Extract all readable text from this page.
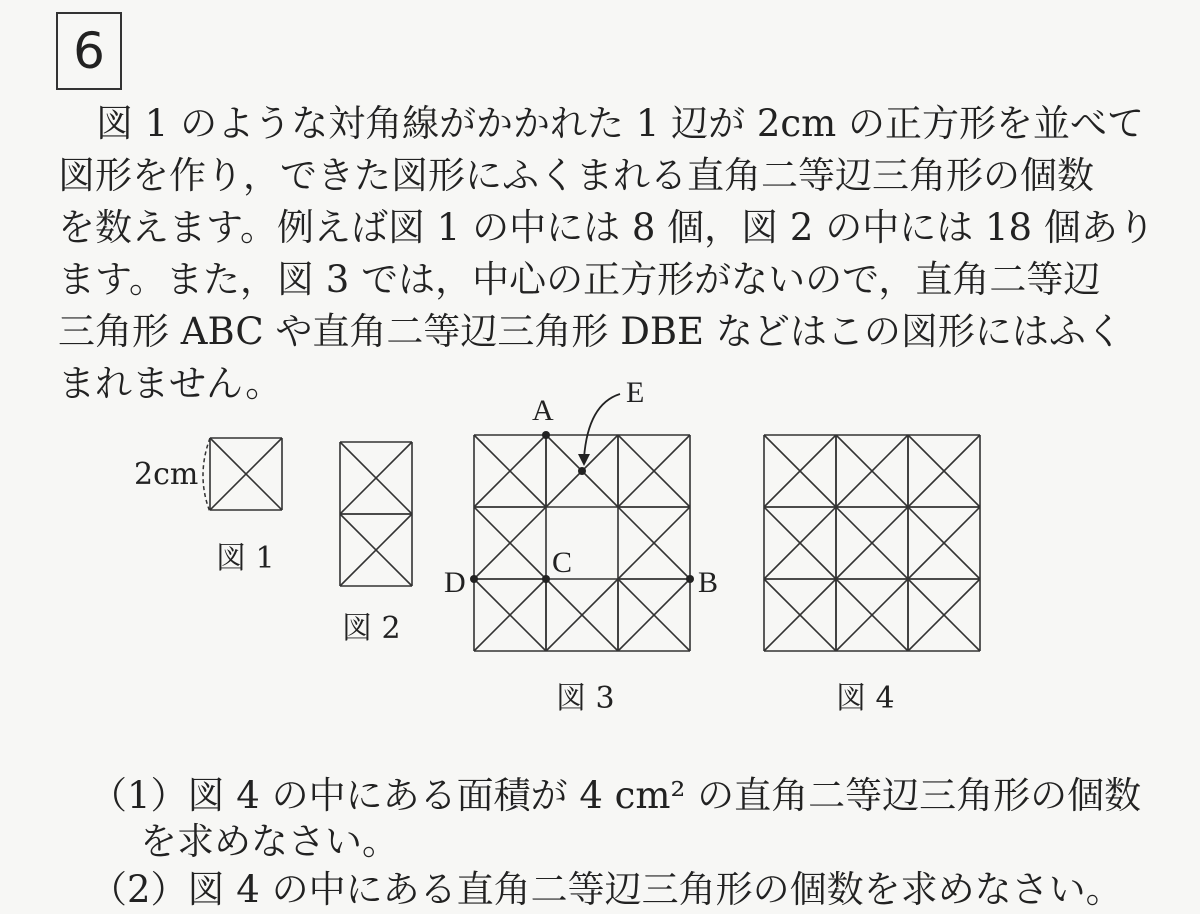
6
図 1 のような対角線がかかれた 1 辺が 2cm の正方形を並べて
図形を作り，できた図形にふくまれる直角二等辺三角形の個数
を数えます。例えば図 1 の中には 8 個，図 2 の中には 18 個あり
ます。また，図 3 では，中心の正方形がないので，直角二等辺
三角形 ABC や直角二等辺三角形 DBE などはこの図形にはふく
まれません。
2cm
図 1
図 2
図 3	図 4
A
E
C
D	B
（1）図 4 の中にある面積が 4 cm² の直角二等辺三角形の個数
を求めなさい。
（2）図 4 の中にある直角二等辺三角形の個数を求めなさい。
